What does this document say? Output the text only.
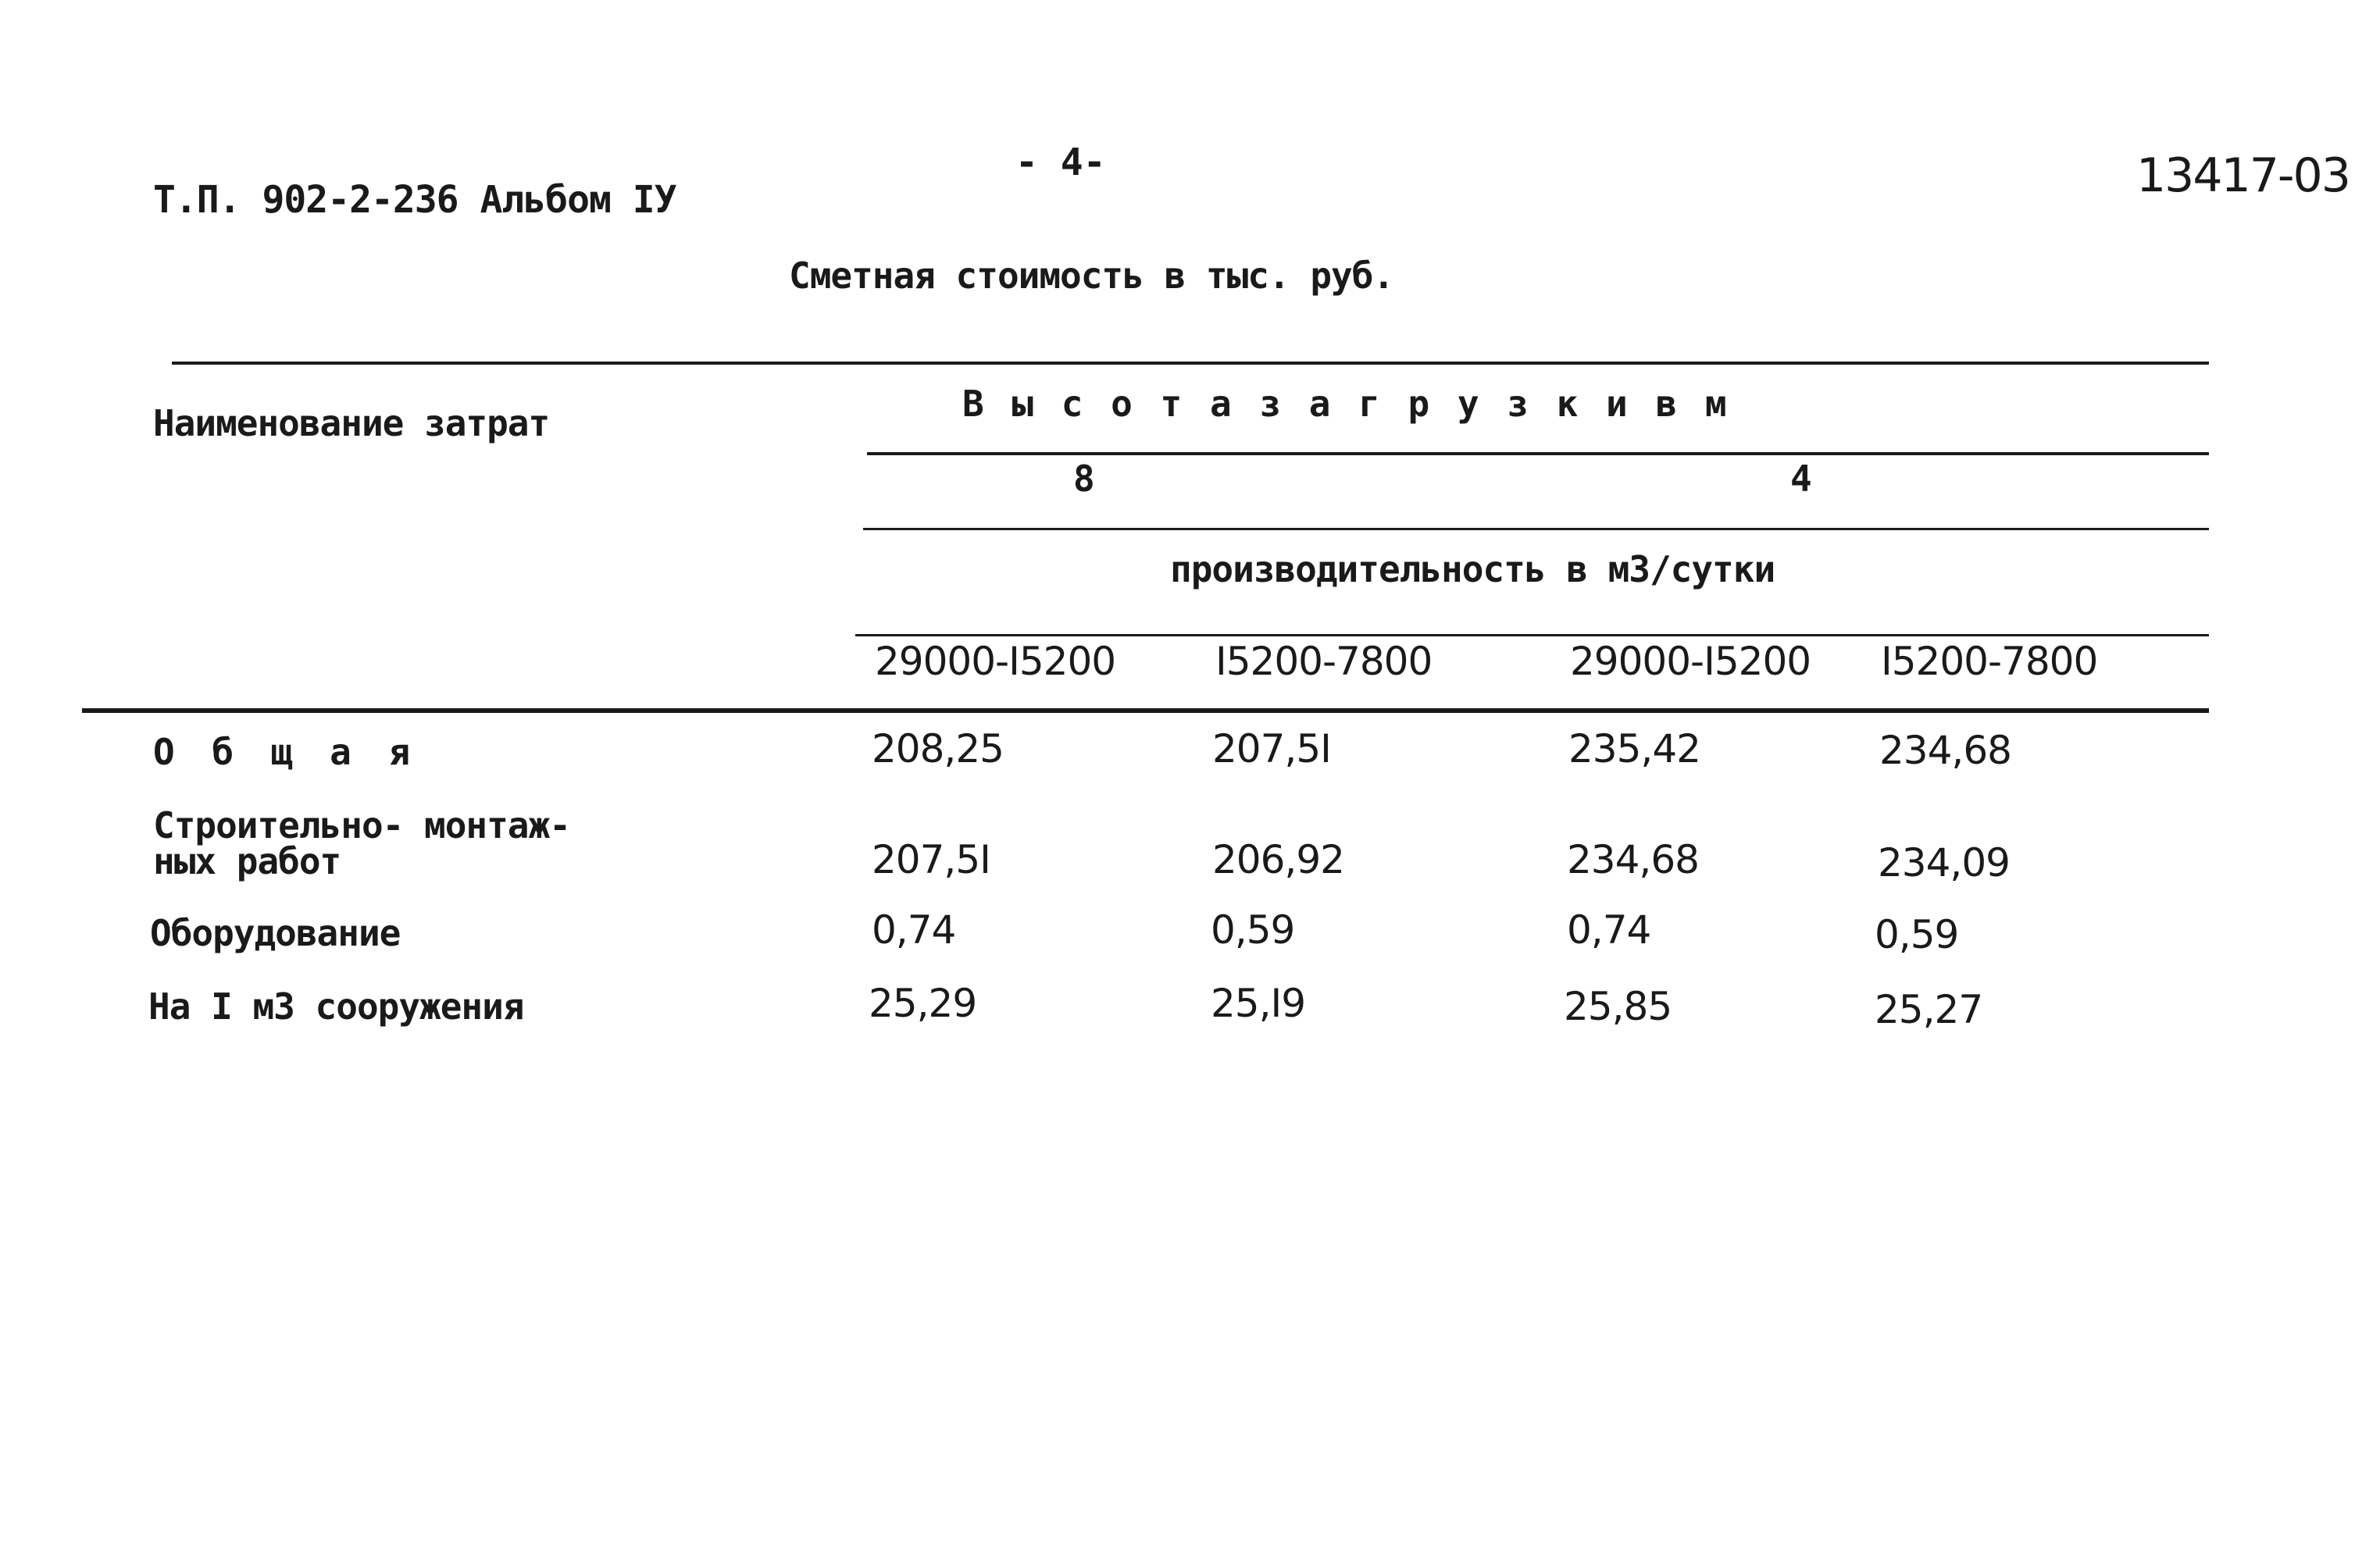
Т.П. 902-2-236 Альбом IУ
- 4-	13417-03
Сметная стоимость в тыс. руб.
Наименование затрат	В ы с о т а з а г р у з к и в м
8	4
производительность в м3/сутки
29000-I5200	I5200-7800	29000-I5200 I5200-7800
О б щ а я	208,25	207,5I	235,42	234,68
Строительно- монтаж-
ных работ	207,5I	206,92	234,68	234,09
Оборудование	0,74	0,59	0,74	0,59
На I м3 сооружения	25,29	25,I9	25,85	25,27
